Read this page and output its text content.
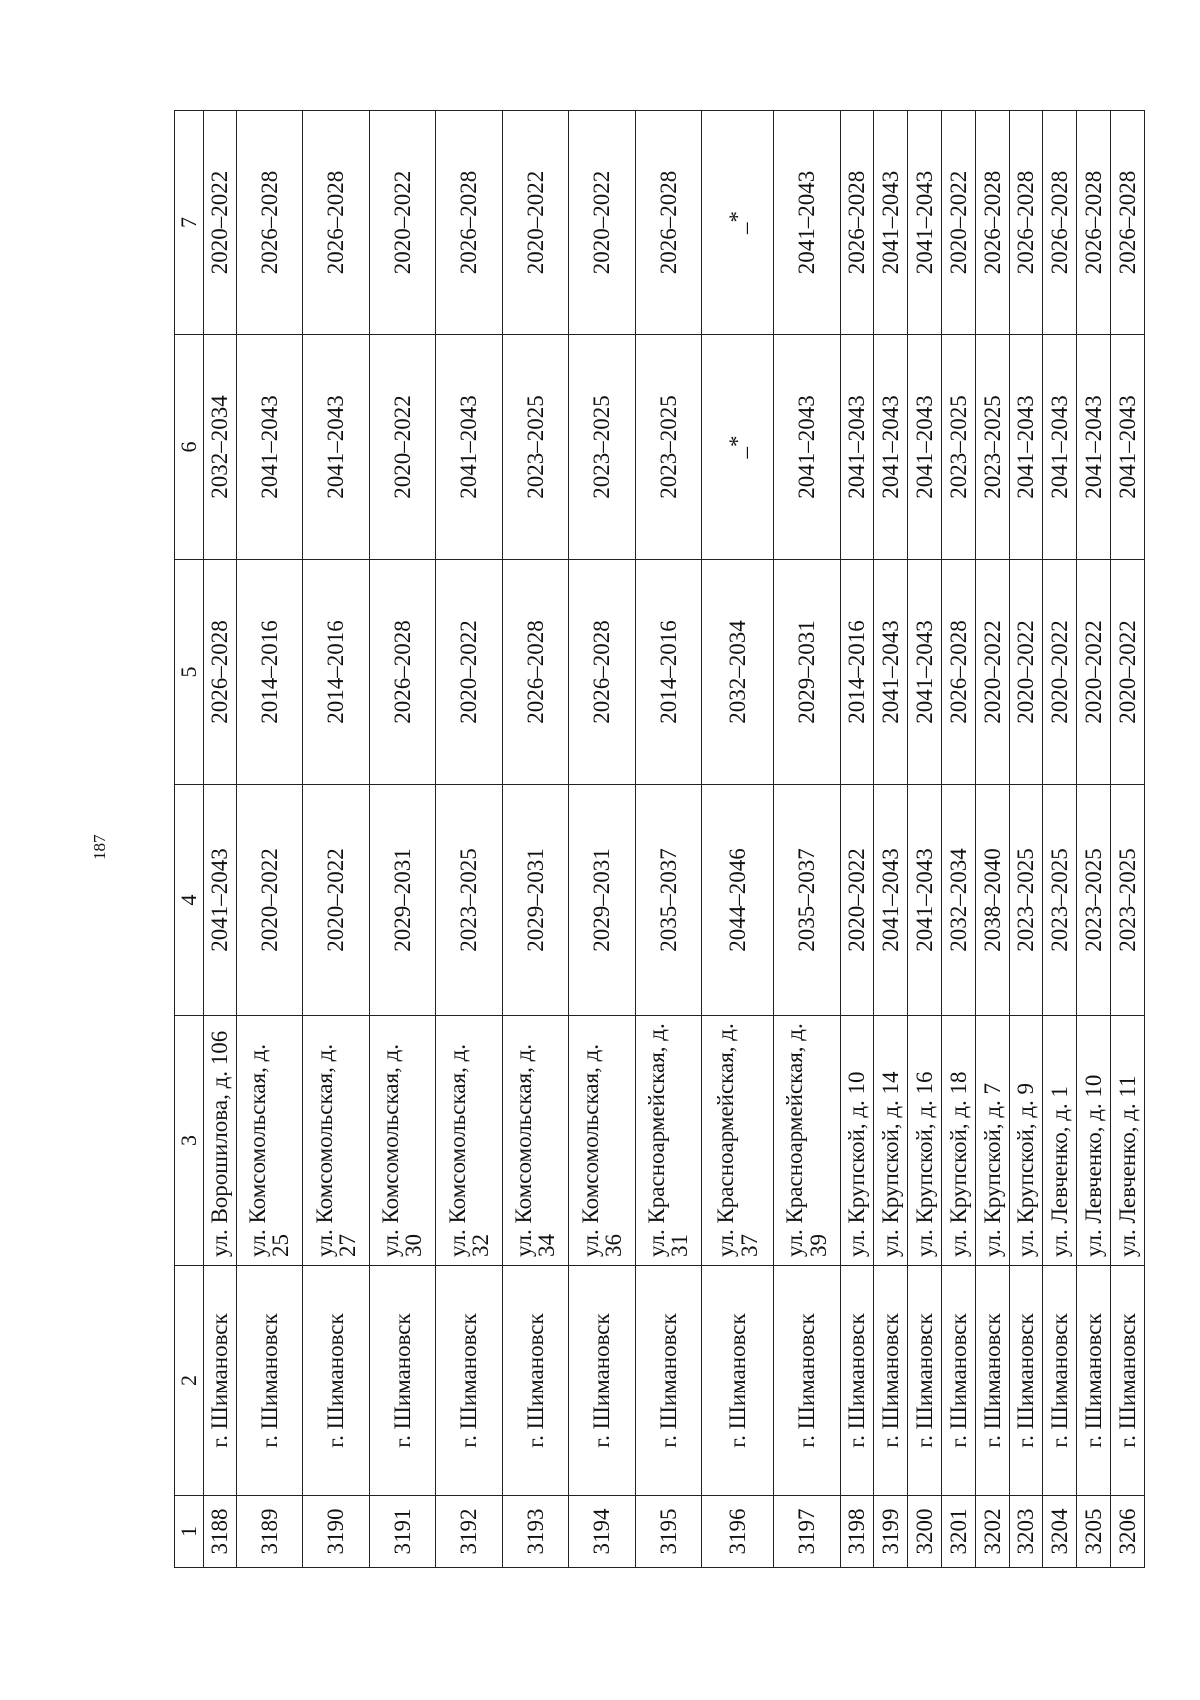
187
1	2	3	4	5	6	7
3188	г. Шимановск	ул. Ворошилова, д. 106	2041–2043	2026–2028	2032–2034	2020–2022
3189	г. Шимановск	ул. Комсомольская, д. 25	2020–2022	2014–2016	2041–2043	2026–2028
3190	г. Шимановск	ул. Комсомольская, д. 27	2020–2022	2014–2016	2041–2043	2026–2028
3191	г. Шимановск	ул. Комсомольская, д. 30	2029–2031	2026–2028	2020–2022	2020–2022
3192	г. Шимановск	ул. Комсомольская, д. 32	2023–2025	2020–2022	2041–2043	2026–2028
3193	г. Шимановск	ул. Комсомольская, д. 34	2029–2031	2026–2028	2023–2025	2020–2022
3194	г. Шимановск	ул. Комсомольская, д. 36	2029–2031	2026–2028	2023–2025	2020–2022
3195	г. Шимановск	ул. Красноармейская, д. 31	2035–2037	2014–2016	2023–2025	2026–2028
3196	г. Шимановск	ул. Красноармейская, д. 37	2044–2046	2032–2034	_*	_*
3197	г. Шимановск	ул. Красноармейская, д. 39	2035–2037	2029–2031	2041–2043	2041–2043
3198	г. Шимановск	ул. Крупской, д. 10	2020–2022	2014–2016	2041–2043	2026–2028
3199	г. Шимановск	ул. Крупской, д. 14	2041–2043	2041–2043	2041–2043	2041–2043
3200	г. Шимановск	ул. Крупской, д. 16	2041–2043	2041–2043	2041–2043	2041–2043
3201	г. Шимановск	ул. Крупской, д. 18	2032–2034	2026–2028	2023–2025	2020–2022
3202	г. Шимановск	ул. Крупской, д. 7	2038–2040	2020–2022	2023–2025	2026–2028
3203	г. Шимановск	ул. Крупской, д. 9	2023–2025	2020–2022	2041–2043	2026–2028
3204	г. Шимановск	ул. Левченко, д. 1	2023–2025	2020–2022	2041–2043	2026–2028
3205	г. Шимановск	ул. Левченко, д. 10	2023–2025	2020–2022	2041–2043	2026–2028
3206	г. Шимановск	ул. Левченко, д. 11	2023–2025	2020–2022	2041–2043	2026–2028
